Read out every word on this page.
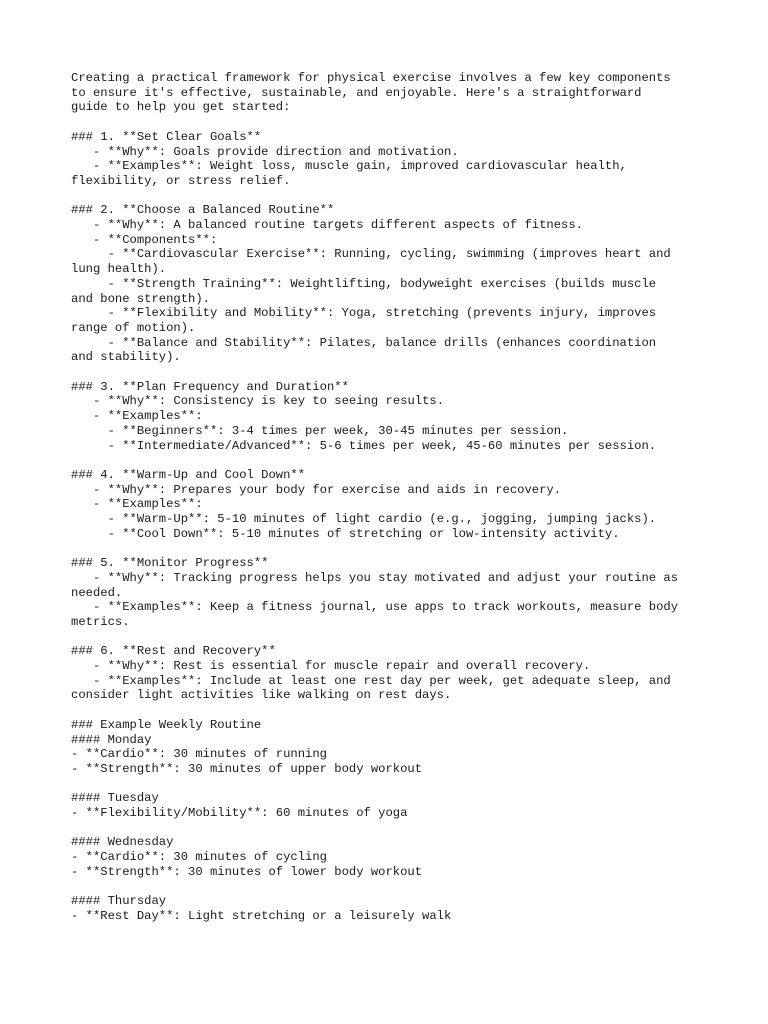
Creating a practical framework for physical exercise involves a few key components
to ensure it's effective, sustainable, and enjoyable. Here's a straightforward
guide to help you get started:
### 1. **Set Clear Goals**
- **Why**: Goals provide direction and motivation.
- **Examples**: Weight loss, muscle gain, improved cardiovascular health,
flexibility, or stress relief.
### 2. **Choose a Balanced Routine**
- **Why**: A balanced routine targets different aspects of fitness.
- **Components**:
- **Cardiovascular Exercise**: Running, cycling, swimming (improves heart and
lung health).
- **Strength Training**: Weightlifting, bodyweight exercises (builds muscle
and bone strength).
- **Flexibility and Mobility**: Yoga, stretching (prevents injury, improves
range of motion).
- **Balance and Stability**: Pilates, balance drills (enhances coordination
and stability).
### 3. **Plan Frequency and Duration**
- **Why**: Consistency is key to seeing results.
- **Examples**:
- **Beginners**: 3-4 times per week, 30-45 minutes per session.
- **Intermediate/Advanced**: 5-6 times per week, 45-60 minutes per session.
### 4. **Warm-Up and Cool Down**
- **Why**: Prepares your body for exercise and aids in recovery.
- **Examples**:
- **Warm-Up**: 5-10 minutes of light cardio (e.g., jogging, jumping jacks).
- **Cool Down**: 5-10 minutes of stretching or low-intensity activity.
### 5. **Monitor Progress**
- **Why**: Tracking progress helps you stay motivated and adjust your routine as
needed.
- **Examples**: Keep a fitness journal, use apps to track workouts, measure body
metrics.
### 6. **Rest and Recovery**
- **Why**: Rest is essential for muscle repair and overall recovery.
- **Examples**: Include at least one rest day per week, get adequate sleep, and
consider light activities like walking on rest days.
### Example Weekly Routine
#### Monday
- **Cardio**: 30 minutes of running
- **Strength**: 30 minutes of upper body workout
#### Tuesday
- **Flexibility/Mobility**: 60 minutes of yoga
#### Wednesday
- **Cardio**: 30 minutes of cycling
- **Strength**: 30 minutes of lower body workout
#### Thursday
- **Rest Day**: Light stretching or a leisurely walk
